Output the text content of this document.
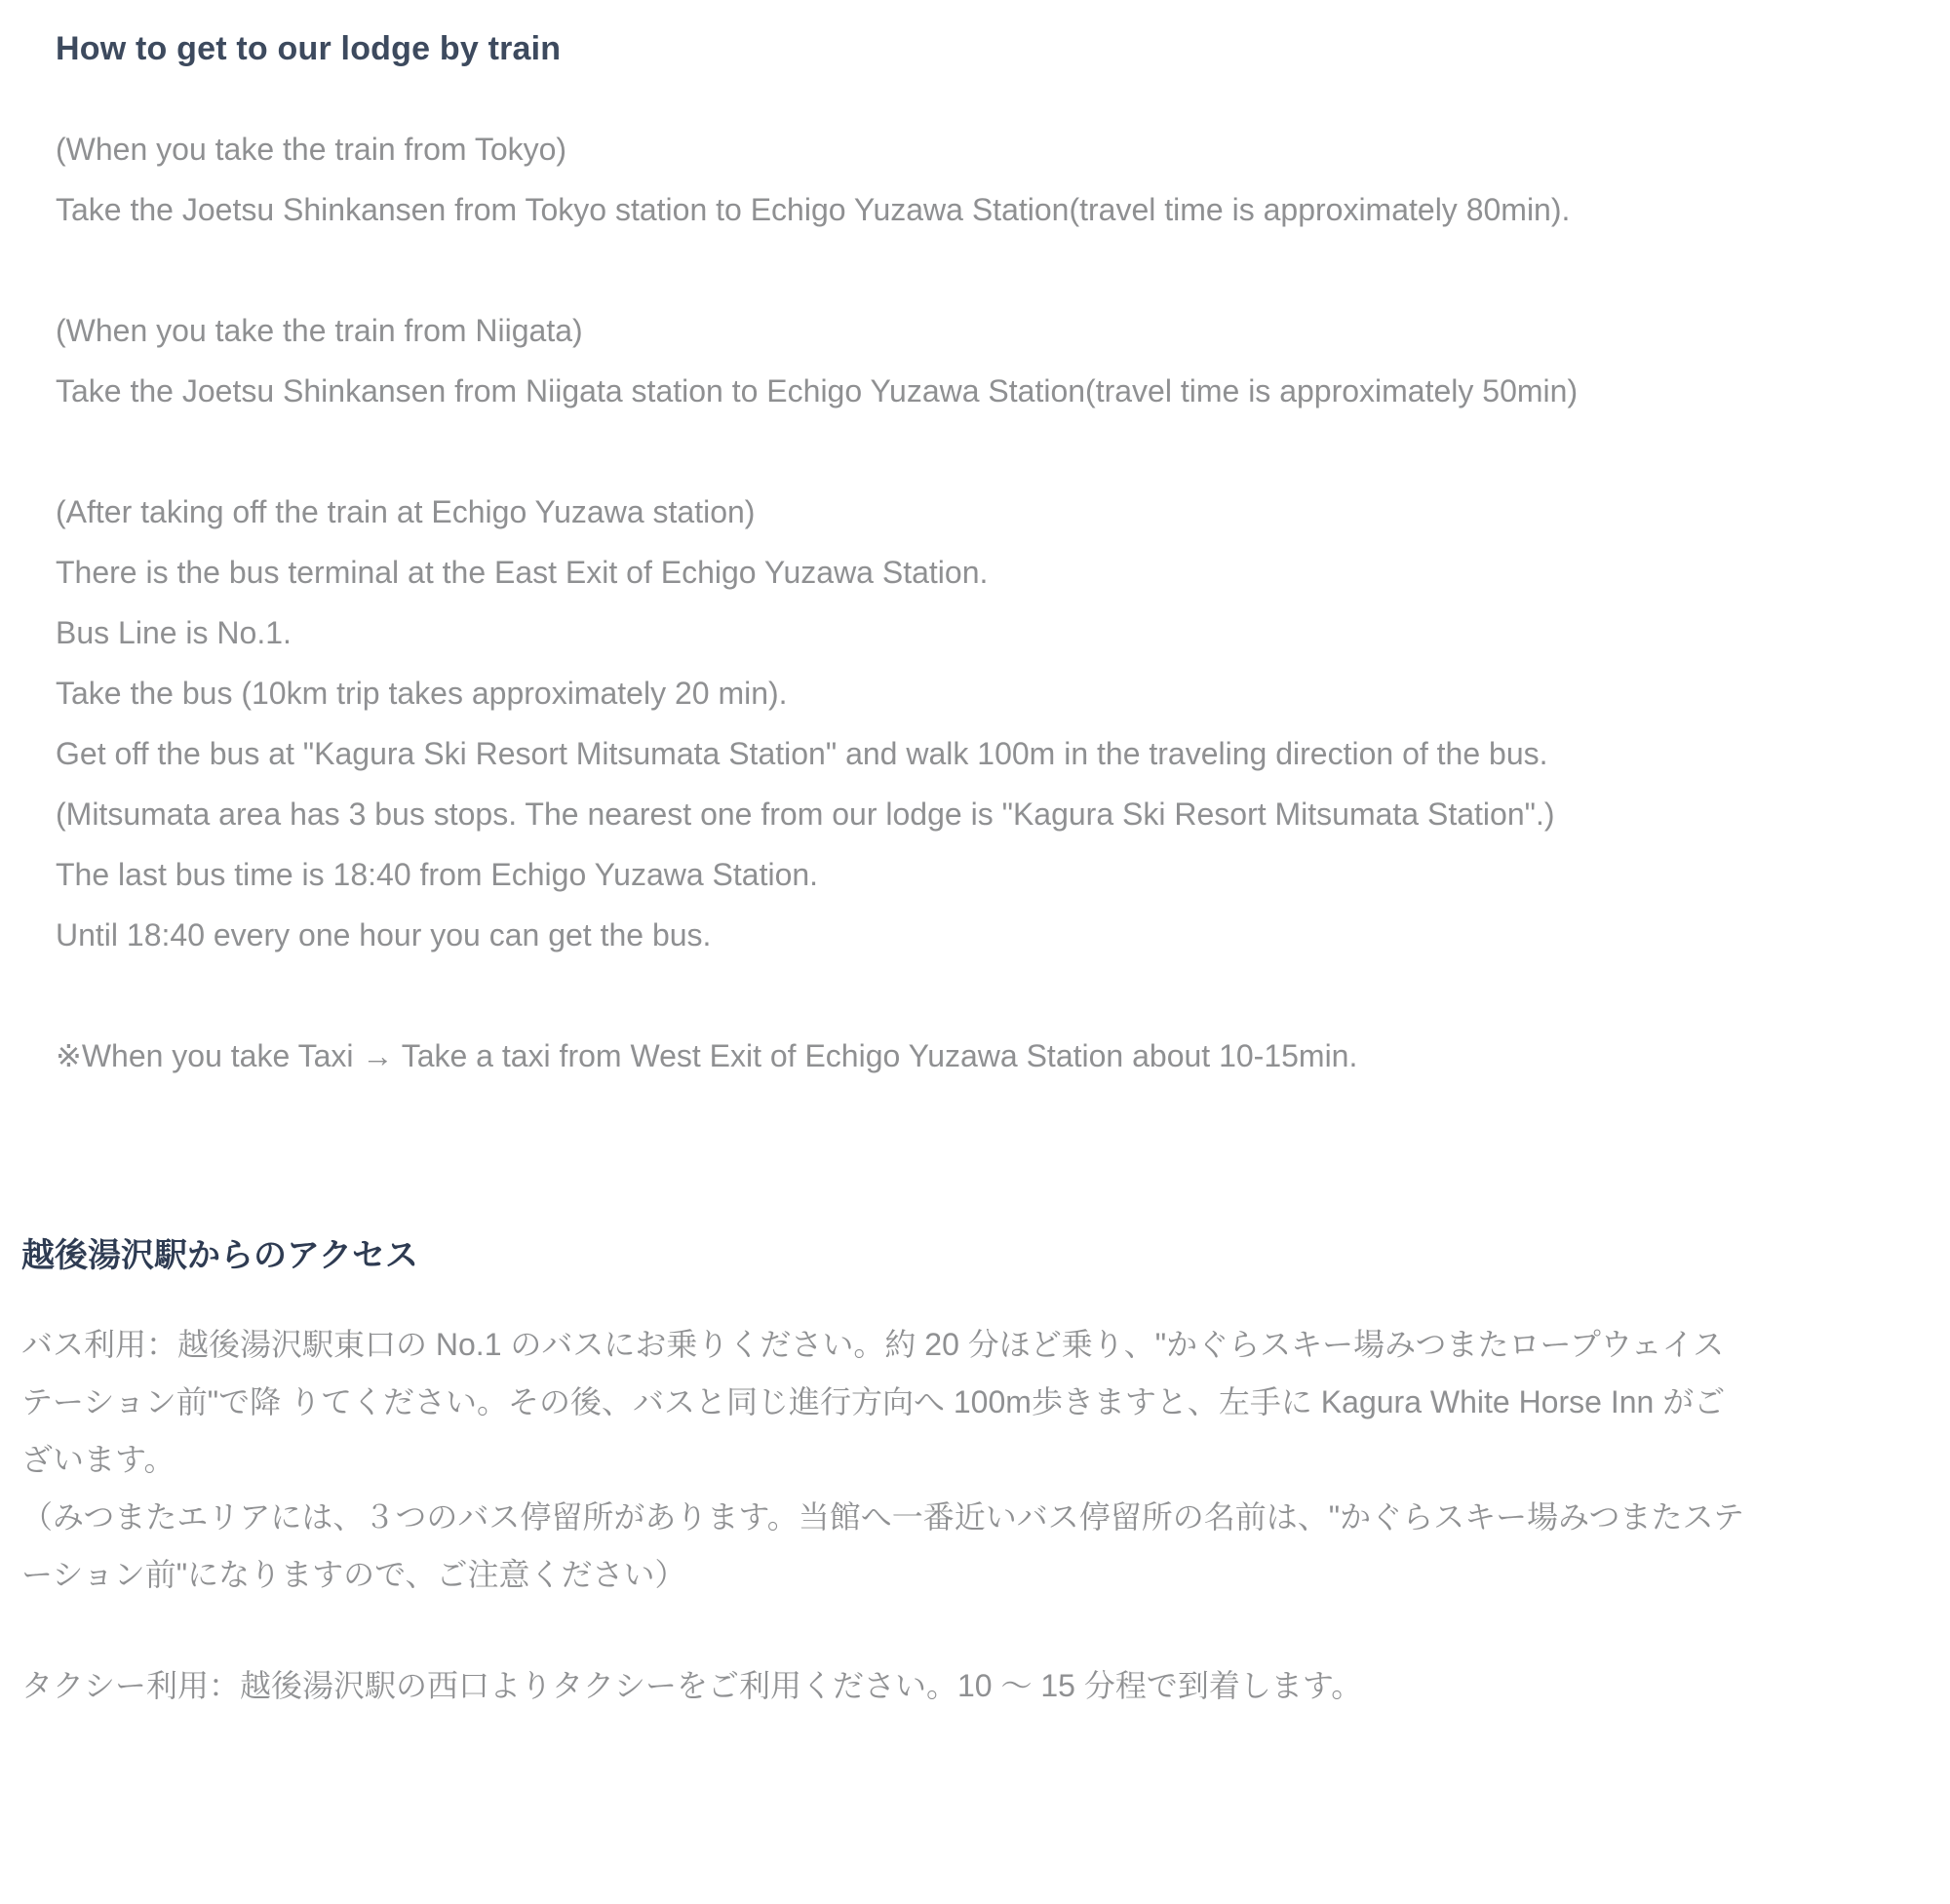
How to get to our lodge by train
(When you take the train from Tokyo)
Take the Joetsu Shinkansen from Tokyo station to Echigo Yuzawa Station(travel time is approximately 80min).
(When you take the train from Niigata)
Take the Joetsu Shinkansen from Niigata station to Echigo Yuzawa Station(travel time is approximately 50min)
(After taking off the train at Echigo Yuzawa station)
There is the bus terminal at the East Exit of Echigo Yuzawa Station.
Bus Line is No.1.
Take the bus (10km trip takes approximately 20 min).
Get off the bus at "Kagura Ski Resort Mitsumata Station" and walk 100m in the traveling direction of the bus.
(Mitsumata area has 3 bus stops. The nearest one from our lodge is "Kagura Ski Resort Mitsumata Station".)
The last bus time is 18:40 from Echigo Yuzawa Station.
Until 18:40 every one hour you can get the bus.
※When you take Taxi → Take a taxi from West Exit of Echigo Yuzawa Station about 10-15min.
越後湯沢駅からのアクセス
バス利用：越後湯沢駅東口の No.1 のバスにお乗りください。約 20 分ほど乗り、"かぐらスキー場みつまたロープウェイス
テーション前"で降 りてください。その後、バスと同じ進行方向へ 100m歩きますと、左手に Kagura White Horse Inn がご
ざいます。
（みつまたエリアには、３つのバス停留所があります。当館へ一番近いバス停留所の名前は、"かぐらスキー場みつまたステ
ーション前"になりますので、ご注意ください）
タクシー利用：越後湯沢駅の西口よりタクシーをご利用ください。10 ～ 15 分程で到着します。
